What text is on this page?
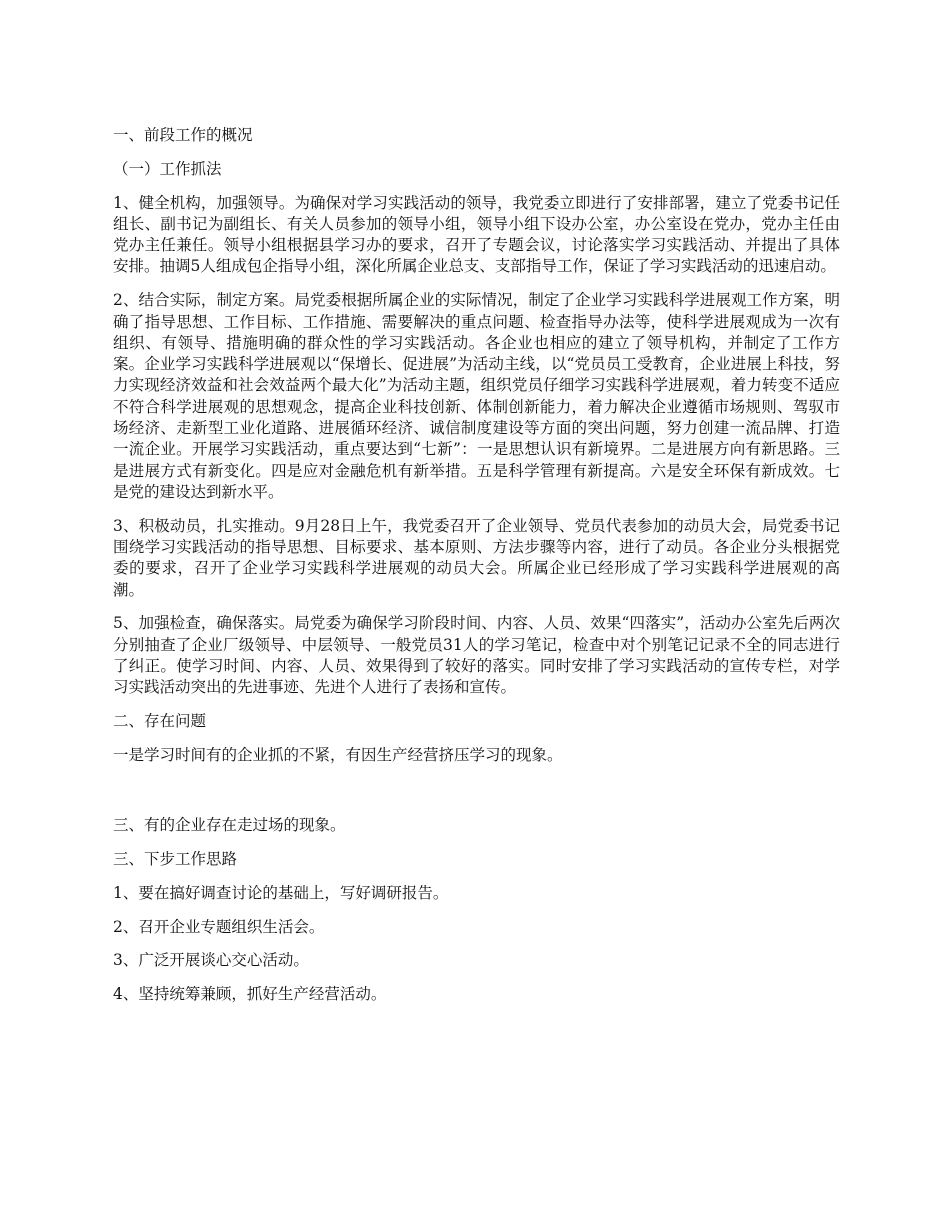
一、前段工作的概况

（一）工作抓法

1、健全机构，加强领导。为确保对学习实践活动的领导，我党委立即进行了安排部署，建立了党委书记任组长、副书记为副组长、有关人员参加的领导小组，领导小组下设办公室，办公室设在党办，党办主任由党办主任兼任。领导小组根据县学习办的要求，召开了专题会议，讨论落实学习实践活动、并提出了具体安排。抽调5人组成包企指导小组，深化所属企业总支、支部指导工作，保证了学习实践活动的迅速启动。

2、结合实际，制定方案。局党委根据所属企业的实际情况，制定了企业学习实践科学进展观工作方案，明确了指导思想、工作目标、工作措施、需要解决的重点问题、检查指导办法等，使科学进展观成为一次有组织、有领导、措施明确的群众性的学习实践活动。各企业也相应的建立了领导机构，并制定了工作方案。企业学习实践科学进展观以“保增长、促进展”为活动主线，以“党员员工受教育，企业进展上科技，努力实现经济效益和社会效益两个最大化”为活动主题，组织党员仔细学习实践科学进展观，着力转变不适应不符合科学进展观的思想观念，提高企业科技创新、体制创新能力，着力解决企业遵循市场规则、驾驭市场经济、走新型工业化道路、进展循环经济、诚信制度建设等方面的突出问题，努力创建一流品牌、打造一流企业。开展学习实践活动，重点要达到“七新”：一是思想认识有新境界。二是进展方向有新思路。三是进展方式有新变化。四是应对金融危机有新举措。五是科学管理有新提高。六是安全环保有新成效。七是党的建设达到新水平。

3、积极动员，扎实推动。9月28日上午，我党委召开了企业领导、党员代表参加的动员大会，局党委书记围绕学习实践活动的指导思想、目标要求、基本原则、方法步骤等内容，进行了动员。各企业分头根据党委的要求，召开了企业学习实践科学进展观的动员大会。所属企业已经形成了学习实践科学进展观的高潮。

5、加强检查，确保落实。局党委为确保学习阶段时间、内容、人员、效果“四落实”，活动办公室先后两次分别抽查了企业厂级领导、中层领导、一般党员31人的学习笔记，检查中对个别笔记记录不全的同志进行了纠正。使学习时间、内容、人员、效果得到了较好的落实。同时安排了学习实践活动的宣传专栏，对学习实践活动突出的先进事迹、先进个人进行了表扬和宣传。

二、存在问题

一是学习时间有的企业抓的不紧，有因生产经营挤压学习的现象。

三、有的企业存在走过场的现象。

三、下步工作思路

1、要在搞好调查讨论的基础上，写好调研报告。

2、召开企业专题组织生活会。

3、广泛开展谈心交心活动。

4、坚持统筹兼顾，抓好生产经营活动。
